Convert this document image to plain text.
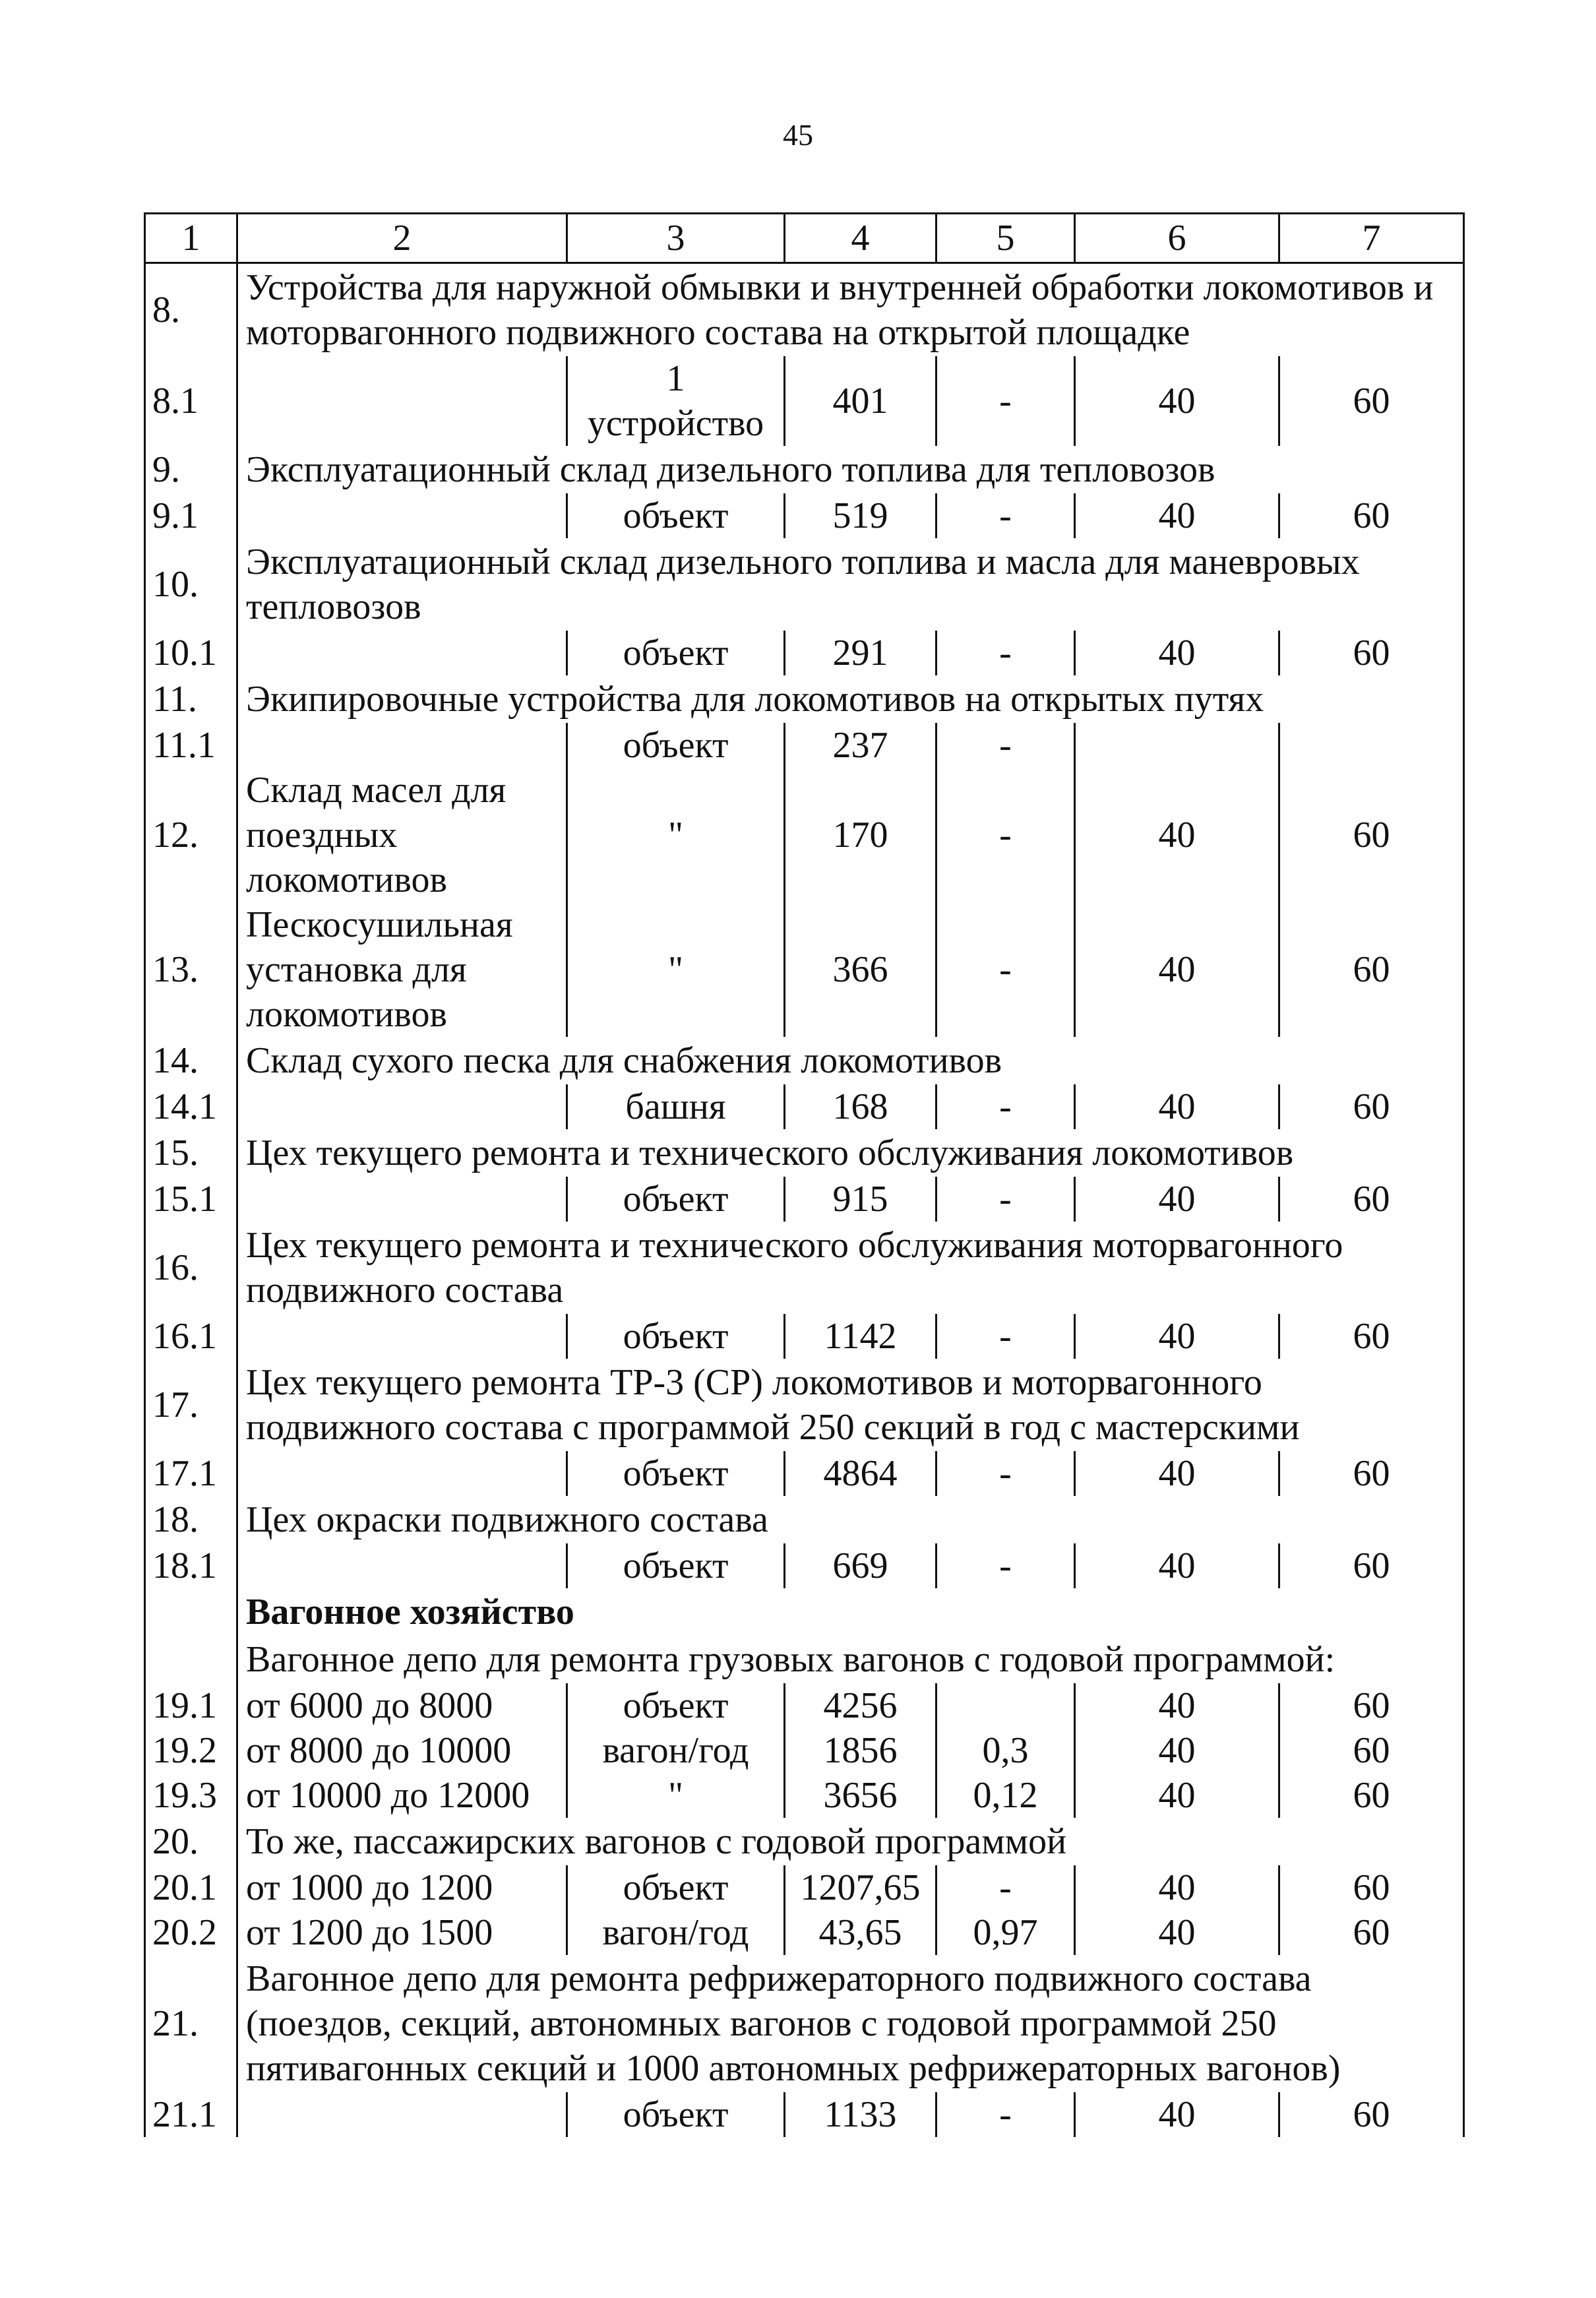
45
1	2	3	4	5	6	7
8.	Устройства для наружной обмывки и внутренней обработки локомотивов и моторвагонного подвижного состава на открытой площадке					
8.1		1 устройство	401	-	40	60
9.	Эксплуатационный склад дизельного топлива для тепловозов					
9.1		объект	519	-	40	60
10.	Эксплуатационный склад дизельного топлива и масла для маневровых тепловозов					
10.1		объект	291	-	40	60
11.	Экипировочные устройства для локомотивов на открытых путях					
11.1		объект	237	-		
12.	Склад масел для поездных локомотивов	"	170	-	40	60
13.	Пескосушильная установка для локомотивов	"	366	-	40	60
14.	Склад сухого песка для снабжения локомотивов					
14.1		башня	168	-	40	60
15.	Цех текущего ремонта и технического обслуживания локомотивов					
15.1		объект	915	-	40	60
16.	Цех текущего ремонта и технического обслуживания моторвагонного подвижного состава					
16.1		объект	1142	-	40	60
17.	Цех текущего ремонта ТР-3 (СР) локомотивов и моторвагонного подвижного состава с программой 250 секций в год с мастерскими					
17.1		объект	4864	-	40	60
18.	Цех окраски подвижного состава					
18.1		объект	669	-	40	60
	Вагонное хозяйство					
	Вагонное депо для ремонта грузовых вагонов с годовой программой:					
19.1	от 6000 до 8000	объект	4256		40	60
19.2	от 8000 до 10000	вагон/год	1856	0,3	40	60
19.3	от 10000 до 12000	"	3656	0,12	40	60
20.	То же, пассажирских вагонов с годовой программой					
20.1	от 1000 до 1200	объект	1207,65	-	40	60
20.2	от 1200 до 1500	вагон/год	43,65	0,97	40	60
21.	Вагонное депо для ремонта рефрижераторного подвижного состава (поездов, секций, автономных вагонов с годовой программой 250 пятивагонных секций и 1000 автономных рефрижераторных вагонов)					
21.1		объект	1133	-	40	60
